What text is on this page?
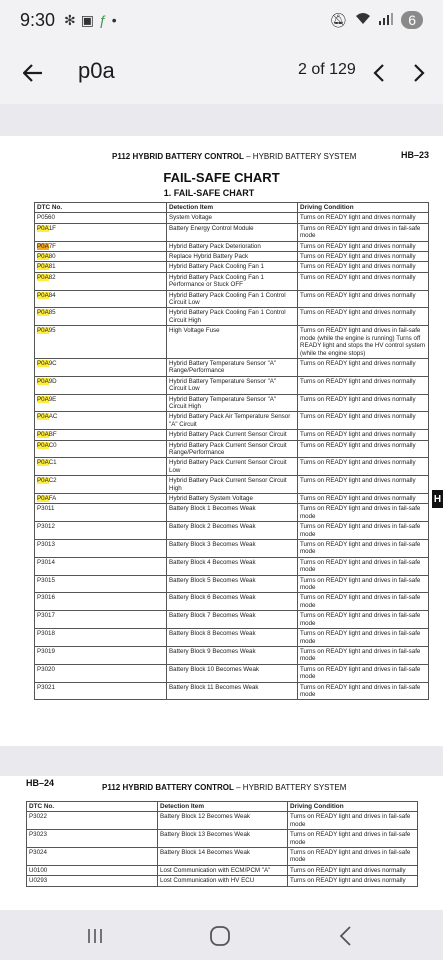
9:30 ✻ ▣ ƒ •	🔕︎	6
p0a	2 of 129
P112 HYBRID BATTERY CONTROL – HYBRID BATTERY SYSTEM	HB–23
FAIL-SAFE CHART
1. FAIL-SAFE CHART
DTC No.	Detection Item	Driving Condition
P0560	System Voltage	Turns on READY light and drives normally
P0A1F	Battery Energy Control Module	Turns on READY light and drives in fail-safe mode
P0A7F	Hybrid Battery Pack Deterioration	Turns on READY light and drives normally
P0A80	Replace Hybrid Battery Pack	Turns on READY light and drives normally
P0A81	Hybrid Battery Pack Cooling Fan 1	Turns on READY light and drives normally
P0A82	Hybrid Battery Pack Cooling Fan 1 Performance or Stuck OFF	Turns on READY light and drives normally
P0A84	Hybrid Battery Pack Cooling Fan 1 Control Circuit Low	Turns on READY light and drives normally
P0A85	Hybrid Battery Pack Cooling Fan 1 Control Circuit High	Turns on READY light and drives normally
P0A95	High Voltage Fuse	Turns on READY light and drives in fail-safe mode (while the engine is running) Turns off READY light and stops the HV control system (while the engine stops)
P0A9C	Hybrid Battery Temperature Sensor "A" Range/Performance	Turns on READY light and drives normally
P0A9D	Hybrid Battery Temperature Sensor "A" Circuit Low	Turns on READY light and drives normally
P0A9E	Hybrid Battery Temperature Sensor "A" Circuit High	Turns on READY light and drives normally
P0AAC	Hybrid Battery Pack Air Temperature Sensor "A" Circuit	Turns on READY light and drives normally
P0ABF	Hybrid Battery Pack Current Sensor Circuit	Turns on READY light and drives normally
P0AC0	Hybrid Battery Pack Current Sensor Circuit Range/Performance	Turns on READY light and drives normally
P0AC1	Hybrid Battery Pack Current Sensor Circuit Low	Turns on READY light and drives normally
P0AC2	Hybrid Battery Pack Current Sensor Circuit High	Turns on READY light and drives normally
P0AFA	Hybrid Battery System Voltage	Turns on READY light and drives normally
P3011	Battery Block 1 Becomes Weak	Turns on READY light and drives in fail-safe mode
P3012	Battery Block 2 Becomes Weak	Turns on READY light and drives in fail-safe mode
P3013	Battery Block 3 Becomes Weak	Turns on READY light and drives in fail-safe mode
P3014	Battery Block 4 Becomes Weak	Turns on READY light and drives in fail-safe mode
P3015	Battery Block 5 Becomes Weak	Turns on READY light and drives in fail-safe mode
P3016	Battery Block 6 Becomes Weak	Turns on READY light and drives in fail-safe mode
P3017	Battery Block 7 Becomes Weak	Turns on READY light and drives in fail-safe mode
P3018	Battery Block 8 Becomes Weak	Turns on READY light and drives in fail-safe mode
P3019	Battery Block 9 Becomes Weak	Turns on READY light and drives in fail-safe mode
P3020	Battery Block 10 Becomes Weak	Turns on READY light and drives in fail-safe mode
P3021	Battery Block 11 Becomes Weak	Turns on READY light and drives in fail-safe mode
H
HB–24	P112 HYBRID BATTERY CONTROL – HYBRID BATTERY SYSTEM
DTC No.	Detection Item	Driving Condition
P3022	Battery Block 12 Becomes Weak	Turns on READY light and drives in fail-safe mode
P3023	Battery Block 13 Becomes Weak	Turns on READY light and drives in fail-safe mode
P3024	Battery Block 14 Becomes Weak	Turns on READY light and drives in fail-safe mode
U0100	Lost Communication with ECM/PCM "A"	Turns on READY light and drives normally
U0293	Lost Communication with HV ECU	Turns on READY light and drives normally
